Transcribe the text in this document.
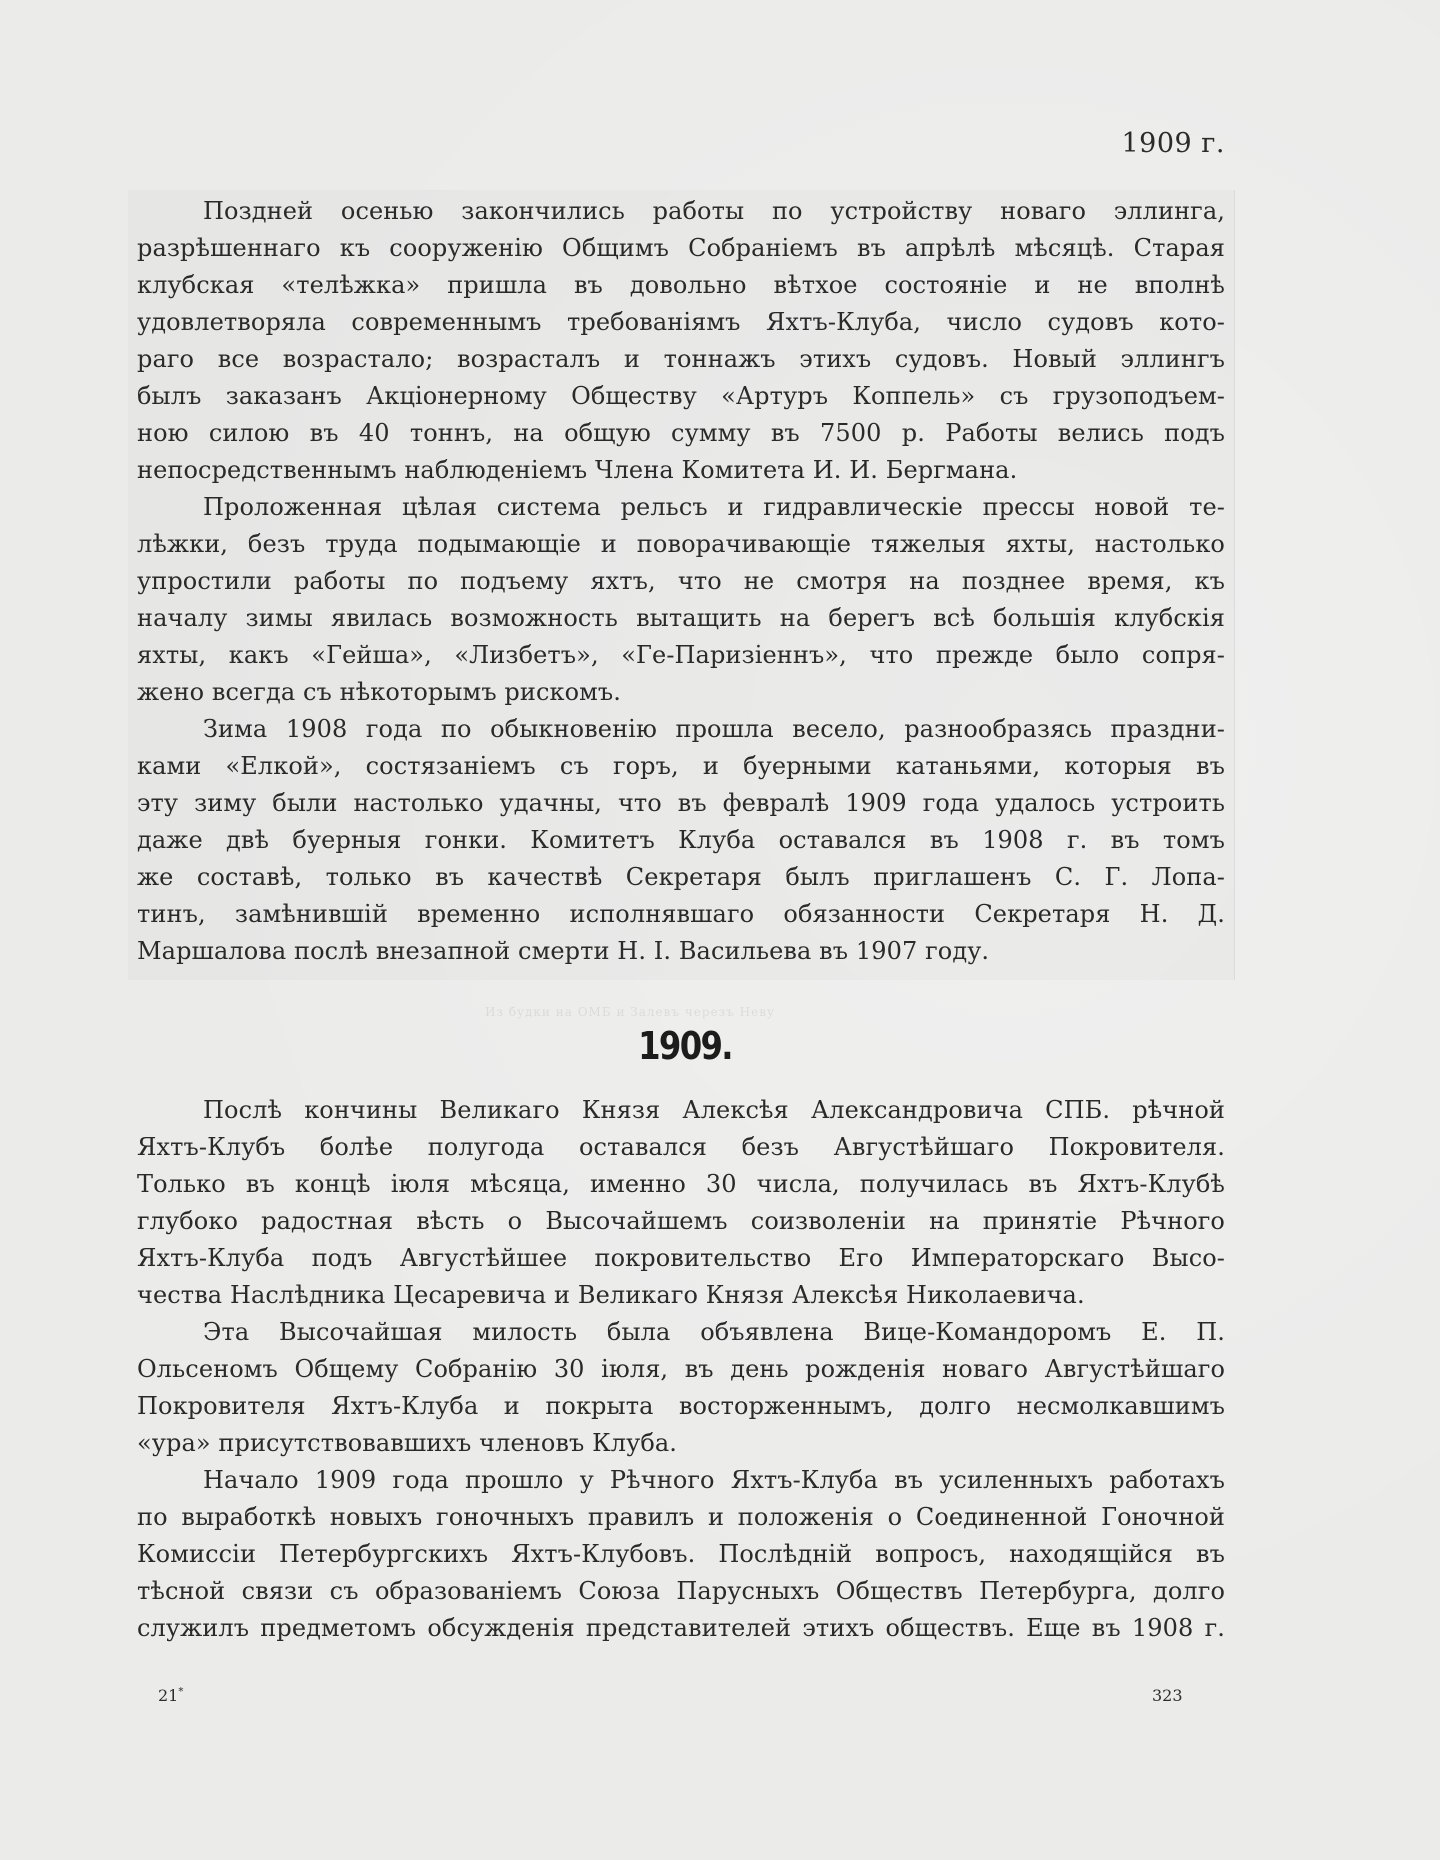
1909 г.
Поздней осенью закончились работы по устройству новаго эллинга,
разрѣшеннаго къ сооруженію Общимъ Собраніемъ въ апрѣлѣ мѣсяцѣ. Старая
клубская «телѣжка» пришла въ довольно вѣтхое состояніе и не вполнѣ
удовлетворяла современнымъ требованіямъ Яхтъ-Клуба, число судовъ кото-
раго все возрастало; возрасталъ и тоннажъ этихъ судовъ. Новый эллингъ
былъ заказанъ Акціонерному Обществу «Артуръ Коппель» съ грузоподъем-
ною силою въ 40 тоннъ, на общую сумму въ 7500 р. Работы велись подъ
непосредственнымъ наблюденіемъ Члена Комитета И. И. Бергмана.
Проложенная цѣлая система рельсъ и гидравлическіе прессы новой те-
лѣжки, безъ труда подымающіе и поворачивающіе тяжелыя яхты, настолько
упростили работы по подъему яхтъ, что не смотря на позднее время, къ
началу зимы явилась возможность вытащить на берегъ всѣ большія клубскія
яхты, какъ «Гейша», «Лизбетъ», «Ге-Паризіеннъ», что прежде было сопря-
жено всегда съ нѣкоторымъ рискомъ.
Зима 1908 года по обыкновенію прошла весело, разнообразясь праздни-
ками «Елкой», состязаніемъ съ горъ, и буерными катаньями, которыя въ
эту зиму были настолько удачны, что въ февралѣ 1909 года удалось устроить
даже двѣ буерныя гонки. Комитетъ Клуба оставался въ 1908 г. въ томъ
же составѣ, только въ качествѣ Секретаря былъ приглашенъ С. Г. Лопа-
тинъ, замѣнившій временно исполнявшаго обязанности Секретаря Н. Д.
Маршалова послѣ внезапной смерти Н. І. Васильева въ 1907 году.
Из будки на ОМБ и Залевъ черезъ Неву
1909.
Послѣ кончины Великаго Князя Алексѣя Александровича СПБ. рѣчной
Яхтъ-Клубъ болѣе полугода оставался безъ Августѣйшаго Покровителя.
Только въ концѣ іюля мѣсяца, именно 30 числа, получилась въ Яхтъ-Клубѣ
глубоко радостная вѣсть о Высочайшемъ соизволеніи на принятіе Рѣчного
Яхтъ-Клуба подъ Августѣйшее покровительство Его Императорскаго Высо-
чества Наслѣдника Цесаревича и Великаго Князя Алексѣя Николаевича.
Эта Высочайшая милость была объявлена Вице-Командоромъ Е. П.
Ольсеномъ Общему Собранію 30 іюля, въ день рожденія новаго Августѣйшаго
Покровителя Яхтъ-Клуба и покрыта восторженнымъ, долго несмолкавшимъ
«ура» присутствовавшихъ членовъ Клуба.
Начало 1909 года прошло у Рѣчного Яхтъ-Клуба въ усиленныхъ работахъ
по выработкѣ новыхъ гоночныхъ правилъ и положенія о Соединенной Гоночной
Комиссіи Петербургскихъ Яхтъ-Клубовъ. Послѣдній вопросъ, находящійся въ
тѣсной связи съ образованіемъ Союза Парусныхъ Обществъ Петербурга, долго
служилъ предметомъ обсужденія представителей этихъ обществъ. Еще въ 1908 г.
21*	323
